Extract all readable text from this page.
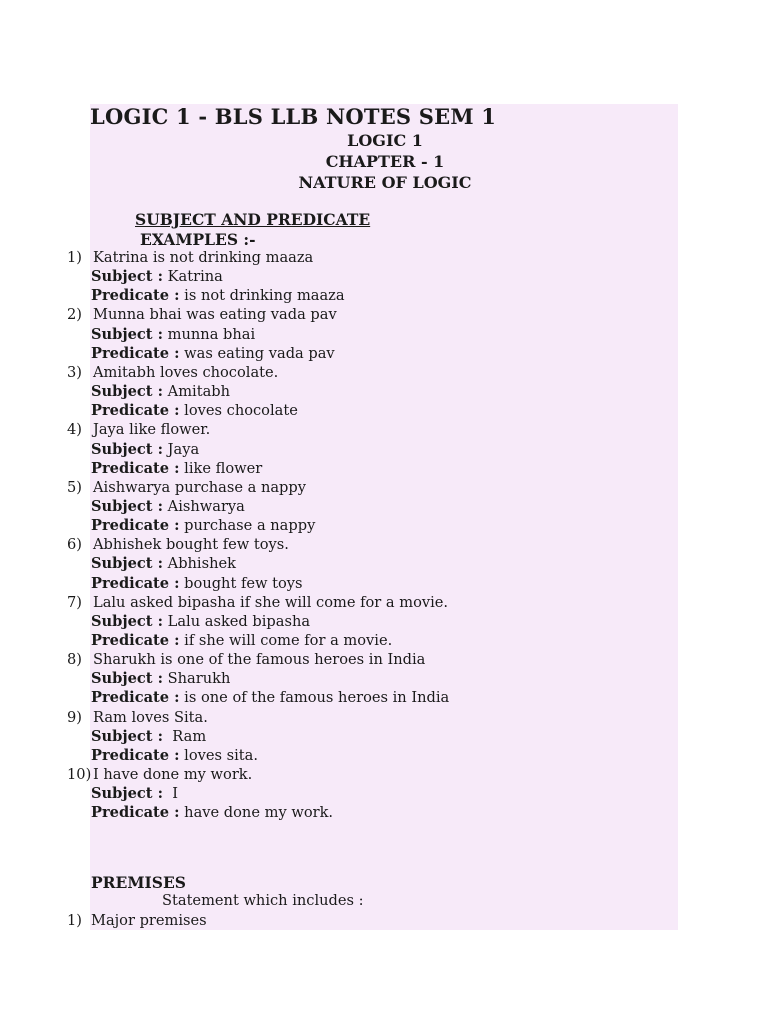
LOGIC 1 - BLS LLB NOTES SEM 1
LOGIC 1
CHAPTER - 1
NATURE OF LOGIC
SUBJECT AND PREDICATE
EXAMPLES :-
1) Katrina is not drinking maaza
Subject : Katrina
Predicate : is not drinking maaza
2) Munna bhai was eating vada pav
Subject : munna bhai
Predicate : was eating vada pav
3) Amitabh loves chocolate.
Subject : Amitabh
Predicate : loves chocolate
4) Jaya like flower.
Subject : Jaya
Predicate : like flower
5) Aishwarya purchase a nappy
Subject : Aishwarya
Predicate : purchase a nappy
6) Abhishek bought few toys.
Subject : Abhishek
Predicate : bought few toys
7) Lalu asked bipasha if she will come for a movie.
Subject : Lalu asked bipasha
Predicate : if she will come for a movie.
8) Sharukh is one of the famous heroes in India
Subject : Sharukh
Predicate : is one of the famous heroes in India
9) Ram loves Sita.
Subject :  Ram
Predicate : loves sita.
10) I have done my work.
Subject :  I
Predicate : have done my work.
PREMISES
Statement which includes :
1) Major premises
